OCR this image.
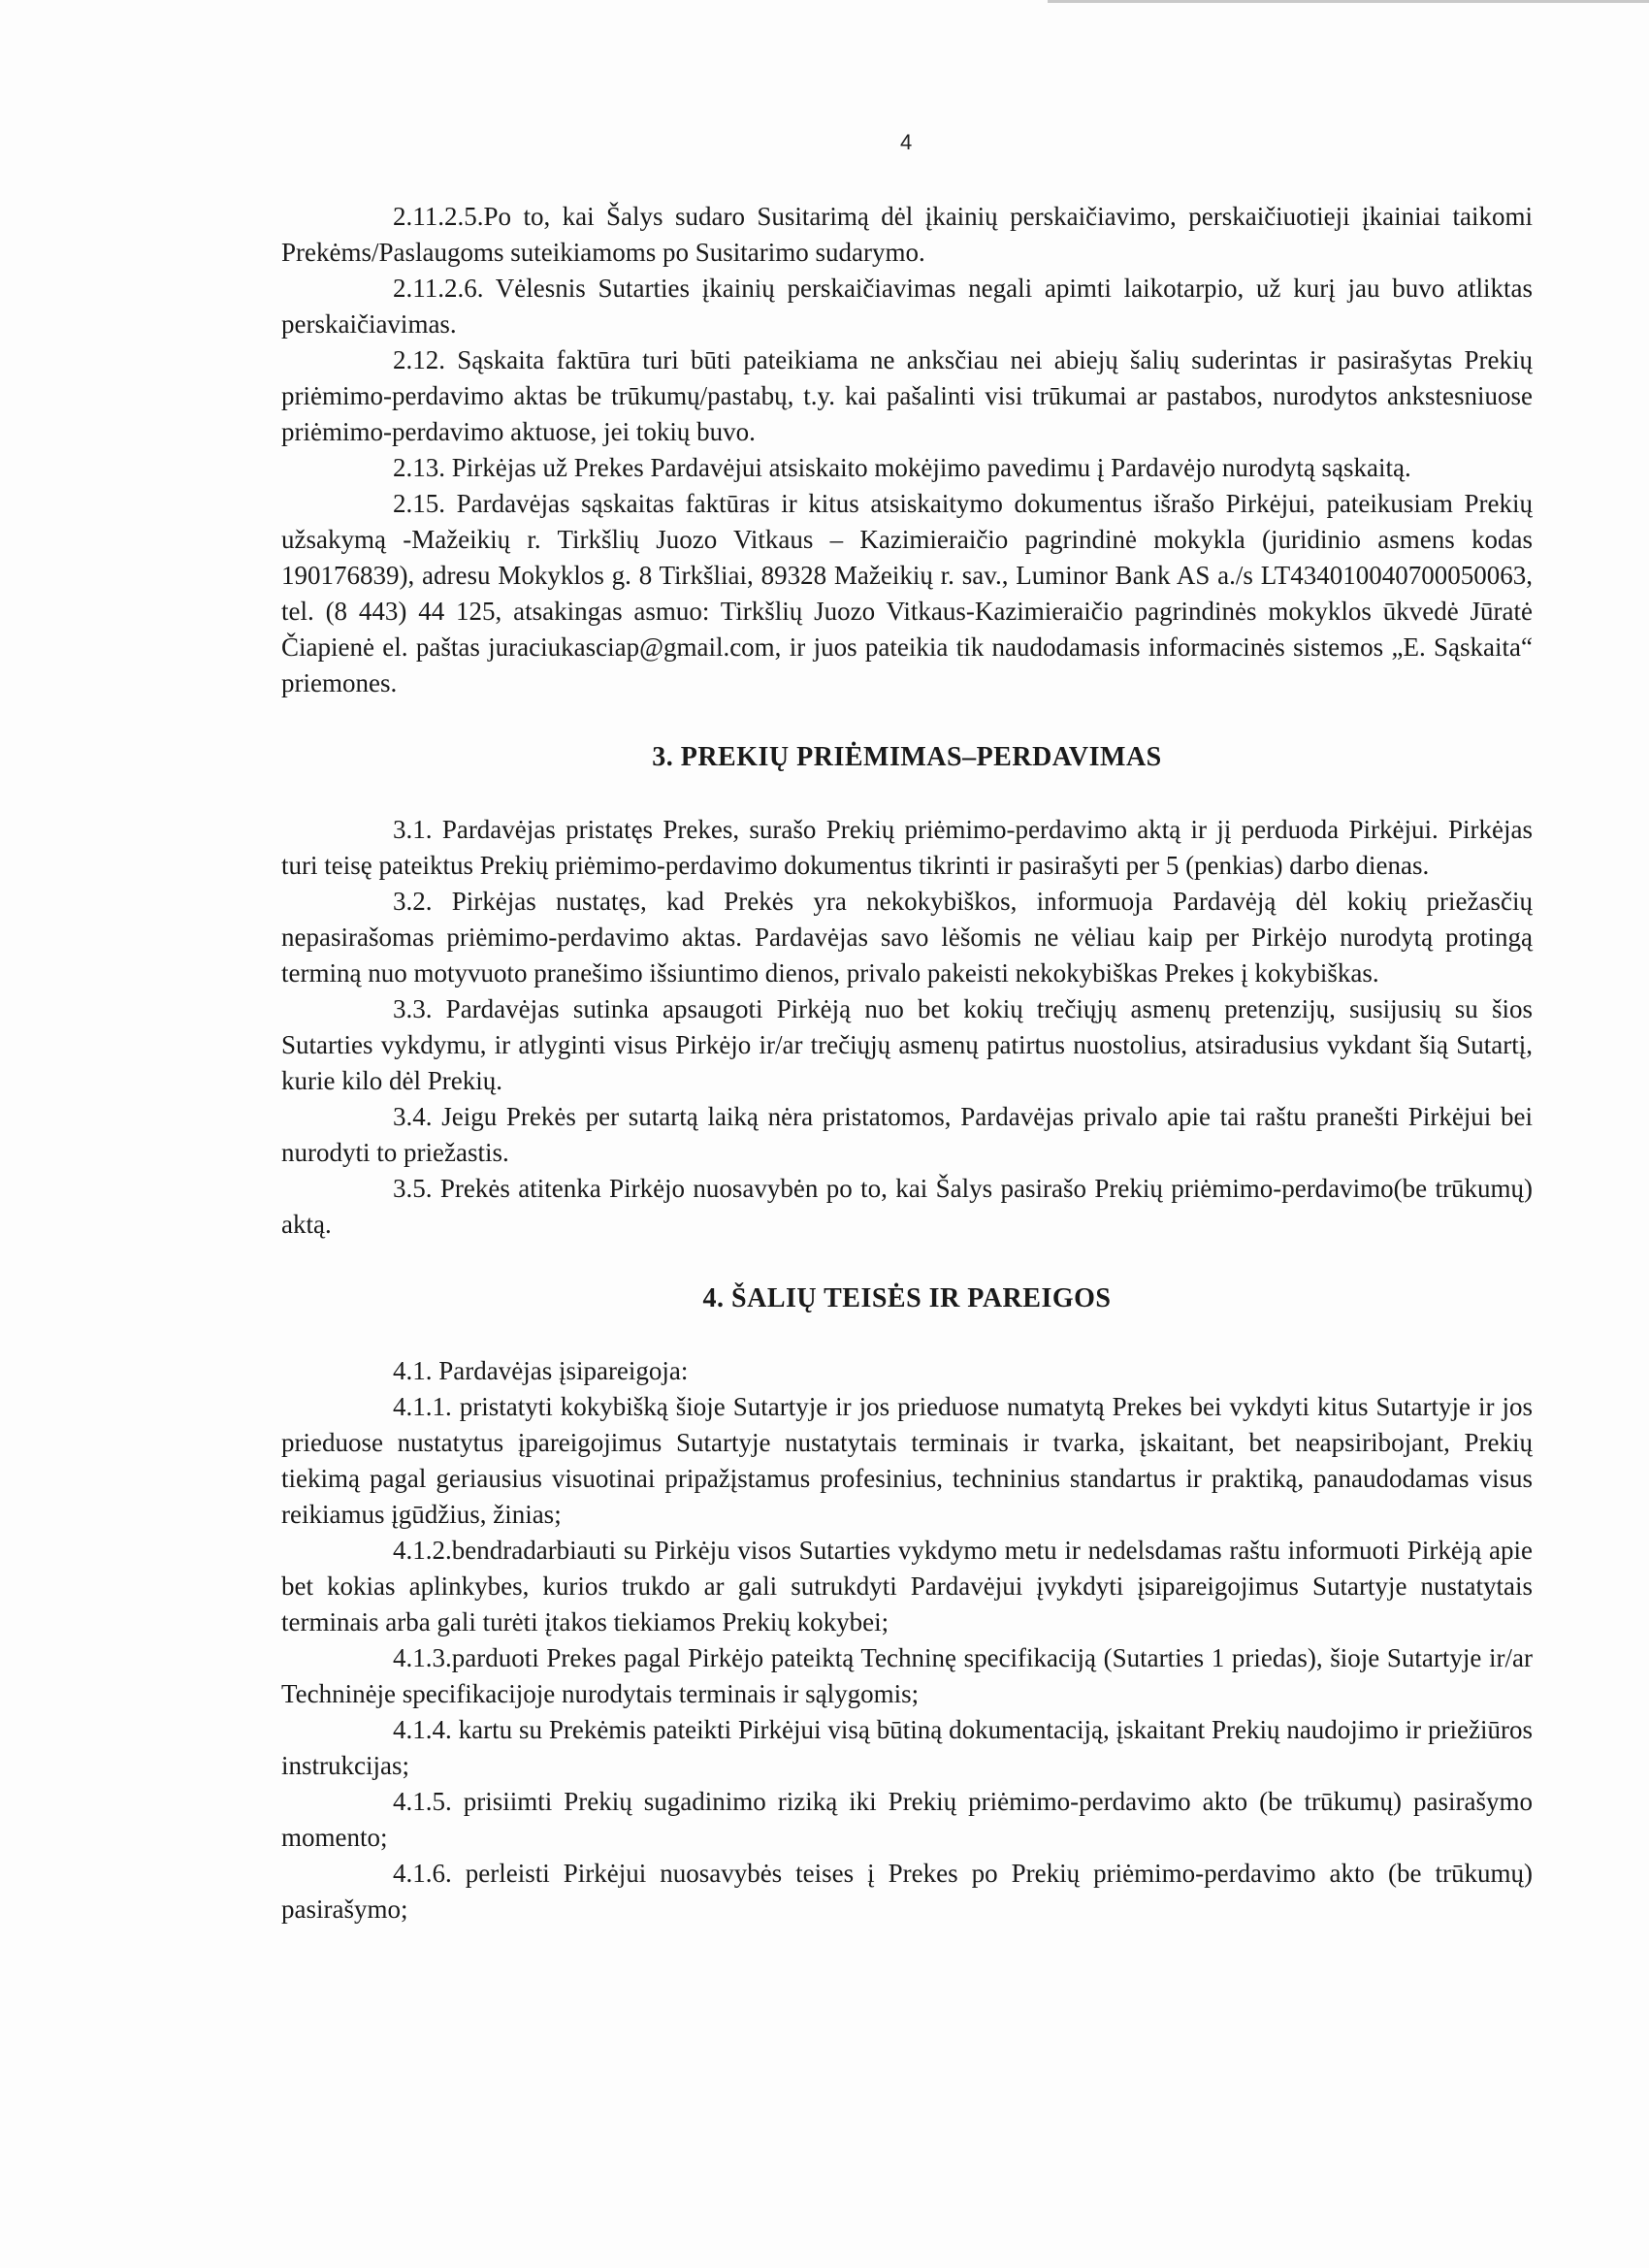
4

2.11.2.5.Po to, kai Šalys sudaro Susitarimą dėl įkainių perskaičiavimo, perskaičiuotieji įkainiai taikomi Prekėms/Paslaugoms suteikiamoms po Susitarimo sudarymo.

2.11.2.6. Vėlesnis Sutarties įkainių perskaičiavimas negali apimti laikotarpio, už kurį jau buvo atliktas perskaičiavimas.

2.12. Sąskaita faktūra turi būti pateikiama ne anksčiau nei abiejų šalių suderintas ir pasirašytas Prekių priėmimo-perdavimo aktas be trūkumų/pastabų, t.y. kai pašalinti visi trūkumai ar pastabos, nurodytos ankstesniuose priėmimo-perdavimo aktuose, jei tokių buvo.

2.13. Pirkėjas už Prekes Pardavėjui atsiskaito mokėjimo pavedimu į Pardavėjo nurodytą sąskaitą.

2.15. Pardavėjas sąskaitas faktūras ir kitus atsiskaitymo dokumentus išrašo Pirkėjui, pateikusiam Prekių užsakymą -Mažeikių r. Tirkšlių Juozo Vitkaus – Kazimieraičio pagrindinė mokykla (juridinio asmens kodas 190176839), adresu Mokyklos g. 8 Tirkšliai, 89328 Mažeikių r. sav., Luminor Bank AS a./s LT434010040700050063, tel. (8 443) 44 125, atsakingas asmuo: Tirkšlių Juozo Vitkaus-Kazimieraičio pagrindinės mokyklos ūkvedė Jūratė Čiapienė el. paštas juraciukasciap@gmail.com, ir juos pateikia tik naudodamasis informacinės sistemos „E. Sąskaita“ priemones.

3. PREKIŲ PRIĖMIMAS–PERDAVIMAS

3.1. Pardavėjas pristatęs Prekes, surašo Prekių priėmimo-perdavimo aktą ir jį perduoda Pirkėjui. Pirkėjas turi teisę pateiktus Prekių priėmimo-perdavimo dokumentus tikrinti ir pasirašyti per 5 (penkias) darbo dienas.

3.2. Pirkėjas nustatęs, kad Prekės yra nekokybiškos, informuoja Pardavėją dėl kokių priežasčių nepasirašomas priėmimo-perdavimo aktas. Pardavėjas savo lėšomis ne vėliau kaip per Pirkėjo nurodytą protingą terminą nuo motyvuoto pranešimo išsiuntimo dienos, privalo pakeisti nekokybiškas Prekes į kokybiškas.

3.3. Pardavėjas sutinka apsaugoti Pirkėją nuo bet kokių trečiųjų asmenų pretenzijų, susijusių su šios Sutarties vykdymu, ir atlyginti visus Pirkėjo ir/ar trečiųjų asmenų patirtus nuostolius, atsiradusius vykdant šią Sutartį, kurie kilo dėl Prekių.

3.4. Jeigu Prekės per sutartą laiką nėra pristatomos, Pardavėjas privalo apie tai raštu pranešti Pirkėjui bei nurodyti to priežastis.

3.5. Prekės atitenka Pirkėjo nuosavybėn po to, kai Šalys pasirašo Prekių priėmimo-perdavimo(be trūkumų) aktą.

4. ŠALIŲ TEISĖS IR PAREIGOS

4.1. Pardavėjas įsipareigoja:

4.1.1. pristatyti kokybišką šioje Sutartyje ir jos prieduose numatytą Prekes bei vykdyti kitus Sutartyje ir jos prieduose nustatytus įpareigojimus Sutartyje nustatytais terminais ir tvarka, įskaitant, bet neapsiribojant, Prekių tiekimą pagal geriausius visuotinai pripažįstamus profesinius, techninius standartus ir praktiką, panaudodamas visus reikiamus įgūdžius, žinias;

4.1.2.bendradarbiauti su Pirkėju visos Sutarties vykdymo metu ir nedelsdamas raštu informuoti Pirkėją apie bet kokias aplinkybes, kurios trukdo ar gali sutrukdyti Pardavėjui įvykdyti įsipareigojimus Sutartyje nustatytais terminais arba gali turėti įtakos tiekiamos Prekių kokybei;

4.1.3.parduoti Prekes pagal Pirkėjo pateiktą Techninę specifikaciją (Sutarties 1 priedas), šioje Sutartyje ir/ar Techninėje specifikacijoje nurodytais terminais ir sąlygomis;

4.1.4. kartu su Prekėmis pateikti Pirkėjui visą būtiną dokumentaciją, įskaitant Prekių naudojimo ir priežiūros instrukcijas;

4.1.5. prisiimti Prekių sugadinimo riziką iki Prekių priėmimo-perdavimo akto (be trūkumų) pasirašymo momento;

4.1.6. perleisti Pirkėjui nuosavybės teises į Prekes po Prekių priėmimo-perdavimo akto (be trūkumų) pasirašymo;
